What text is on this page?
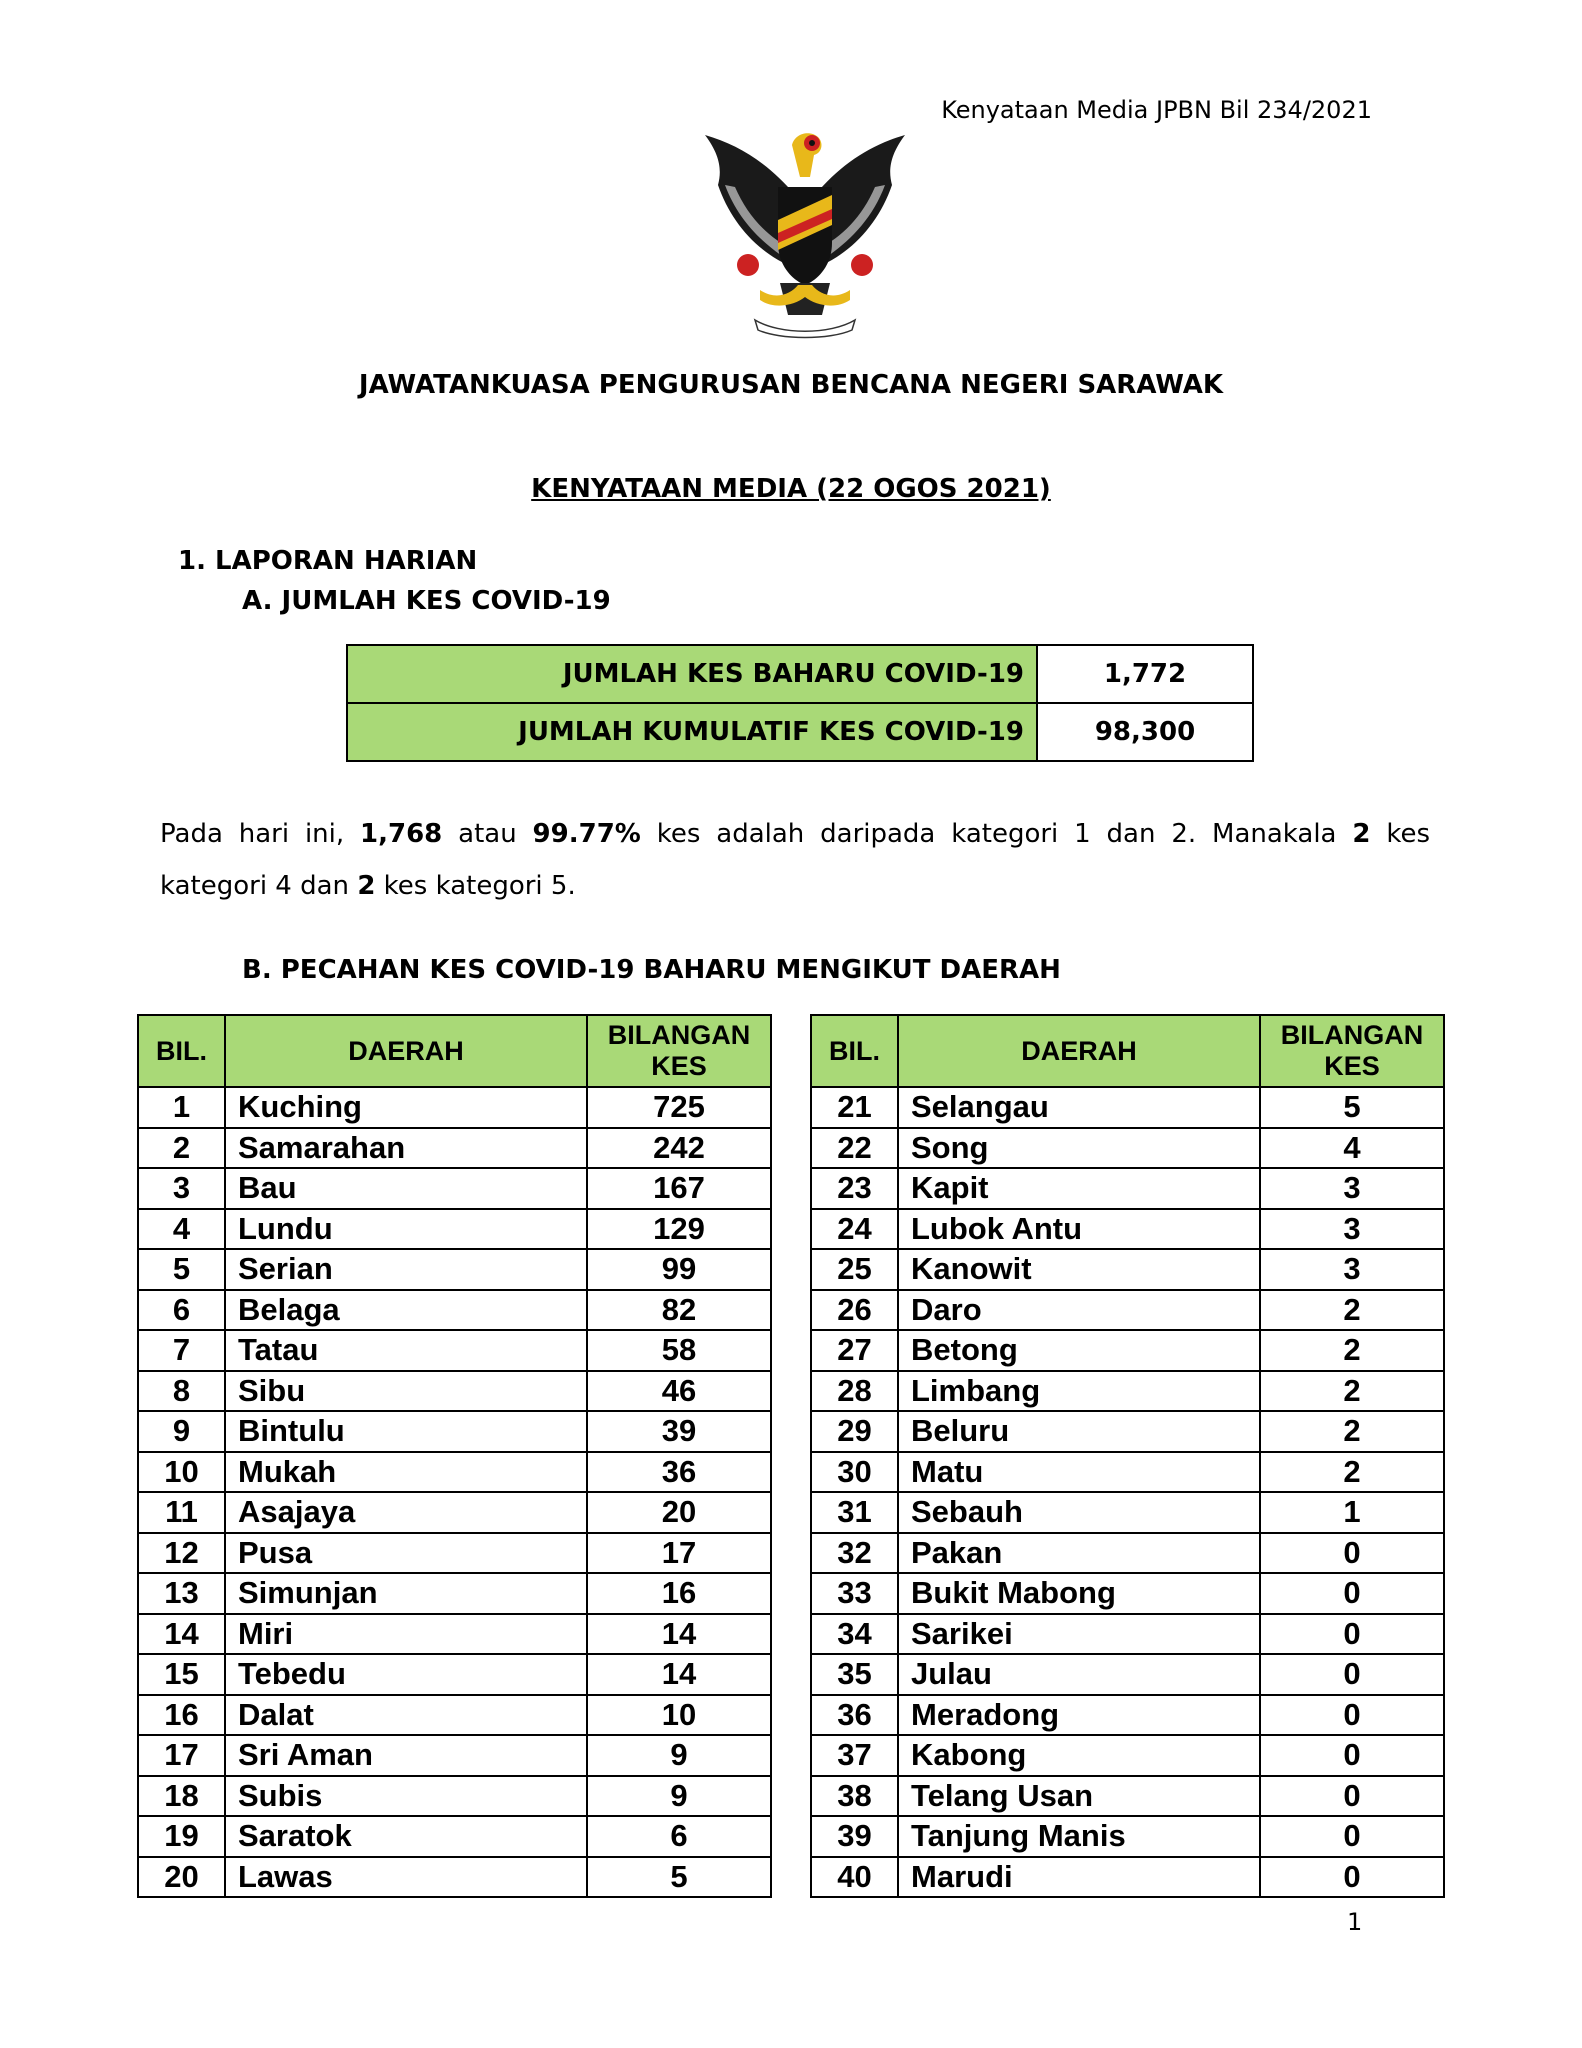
Kenyataan Media JPBN Bil 234/2021
JAWATANKUASA PENGURUSAN BENCANA NEGERI SARAWAK
KENYATAAN MEDIA (22 OGOS 2021)
1. LAPORAN HARIAN
A. JUMLAH KES COVID-19
JUMLAH KES BAHARU COVID-19	1,772
JUMLAH KUMULATIF KES COVID-19	98,300
Pada hari ini, 1,768 atau 99.77% kes adalah daripada kategori 1 dan 2. Manakala 2 kes kategori 4 dan 2 kes kategori 5.
B. PECAHAN KES COVID-19 BAHARU MENGIKUT DAERAH
BIL.	DAERAH	BILANGAN
KES
1	Kuching	725
2	Samarahan	242
3	Bau	167
4	Lundu	129
5	Serian	99
6	Belaga	82
7	Tatau	58
8	Sibu	46
9	Bintulu	39
10	Mukah	36
11	Asajaya	20
12	Pusa	17
13	Simunjan	16
14	Miri	14
15	Tebedu	14
16	Dalat	10
17	Sri Aman	9
18	Subis	9
19	Saratok	6
20	Lawas	5
BIL.	DAERAH	BILANGAN
KES
21	Selangau	5
22	Song	4
23	Kapit	3
24	Lubok Antu	3
25	Kanowit	3
26	Daro	2
27	Betong	2
28	Limbang	2
29	Beluru	2
30	Matu	2
31	Sebauh	1
32	Pakan	0
33	Bukit Mabong	0
34	Sarikei	0
35	Julau	0
36	Meradong	0
37	Kabong	0
38	Telang Usan	0
39	Tanjung Manis	0
40	Marudi	0
1
